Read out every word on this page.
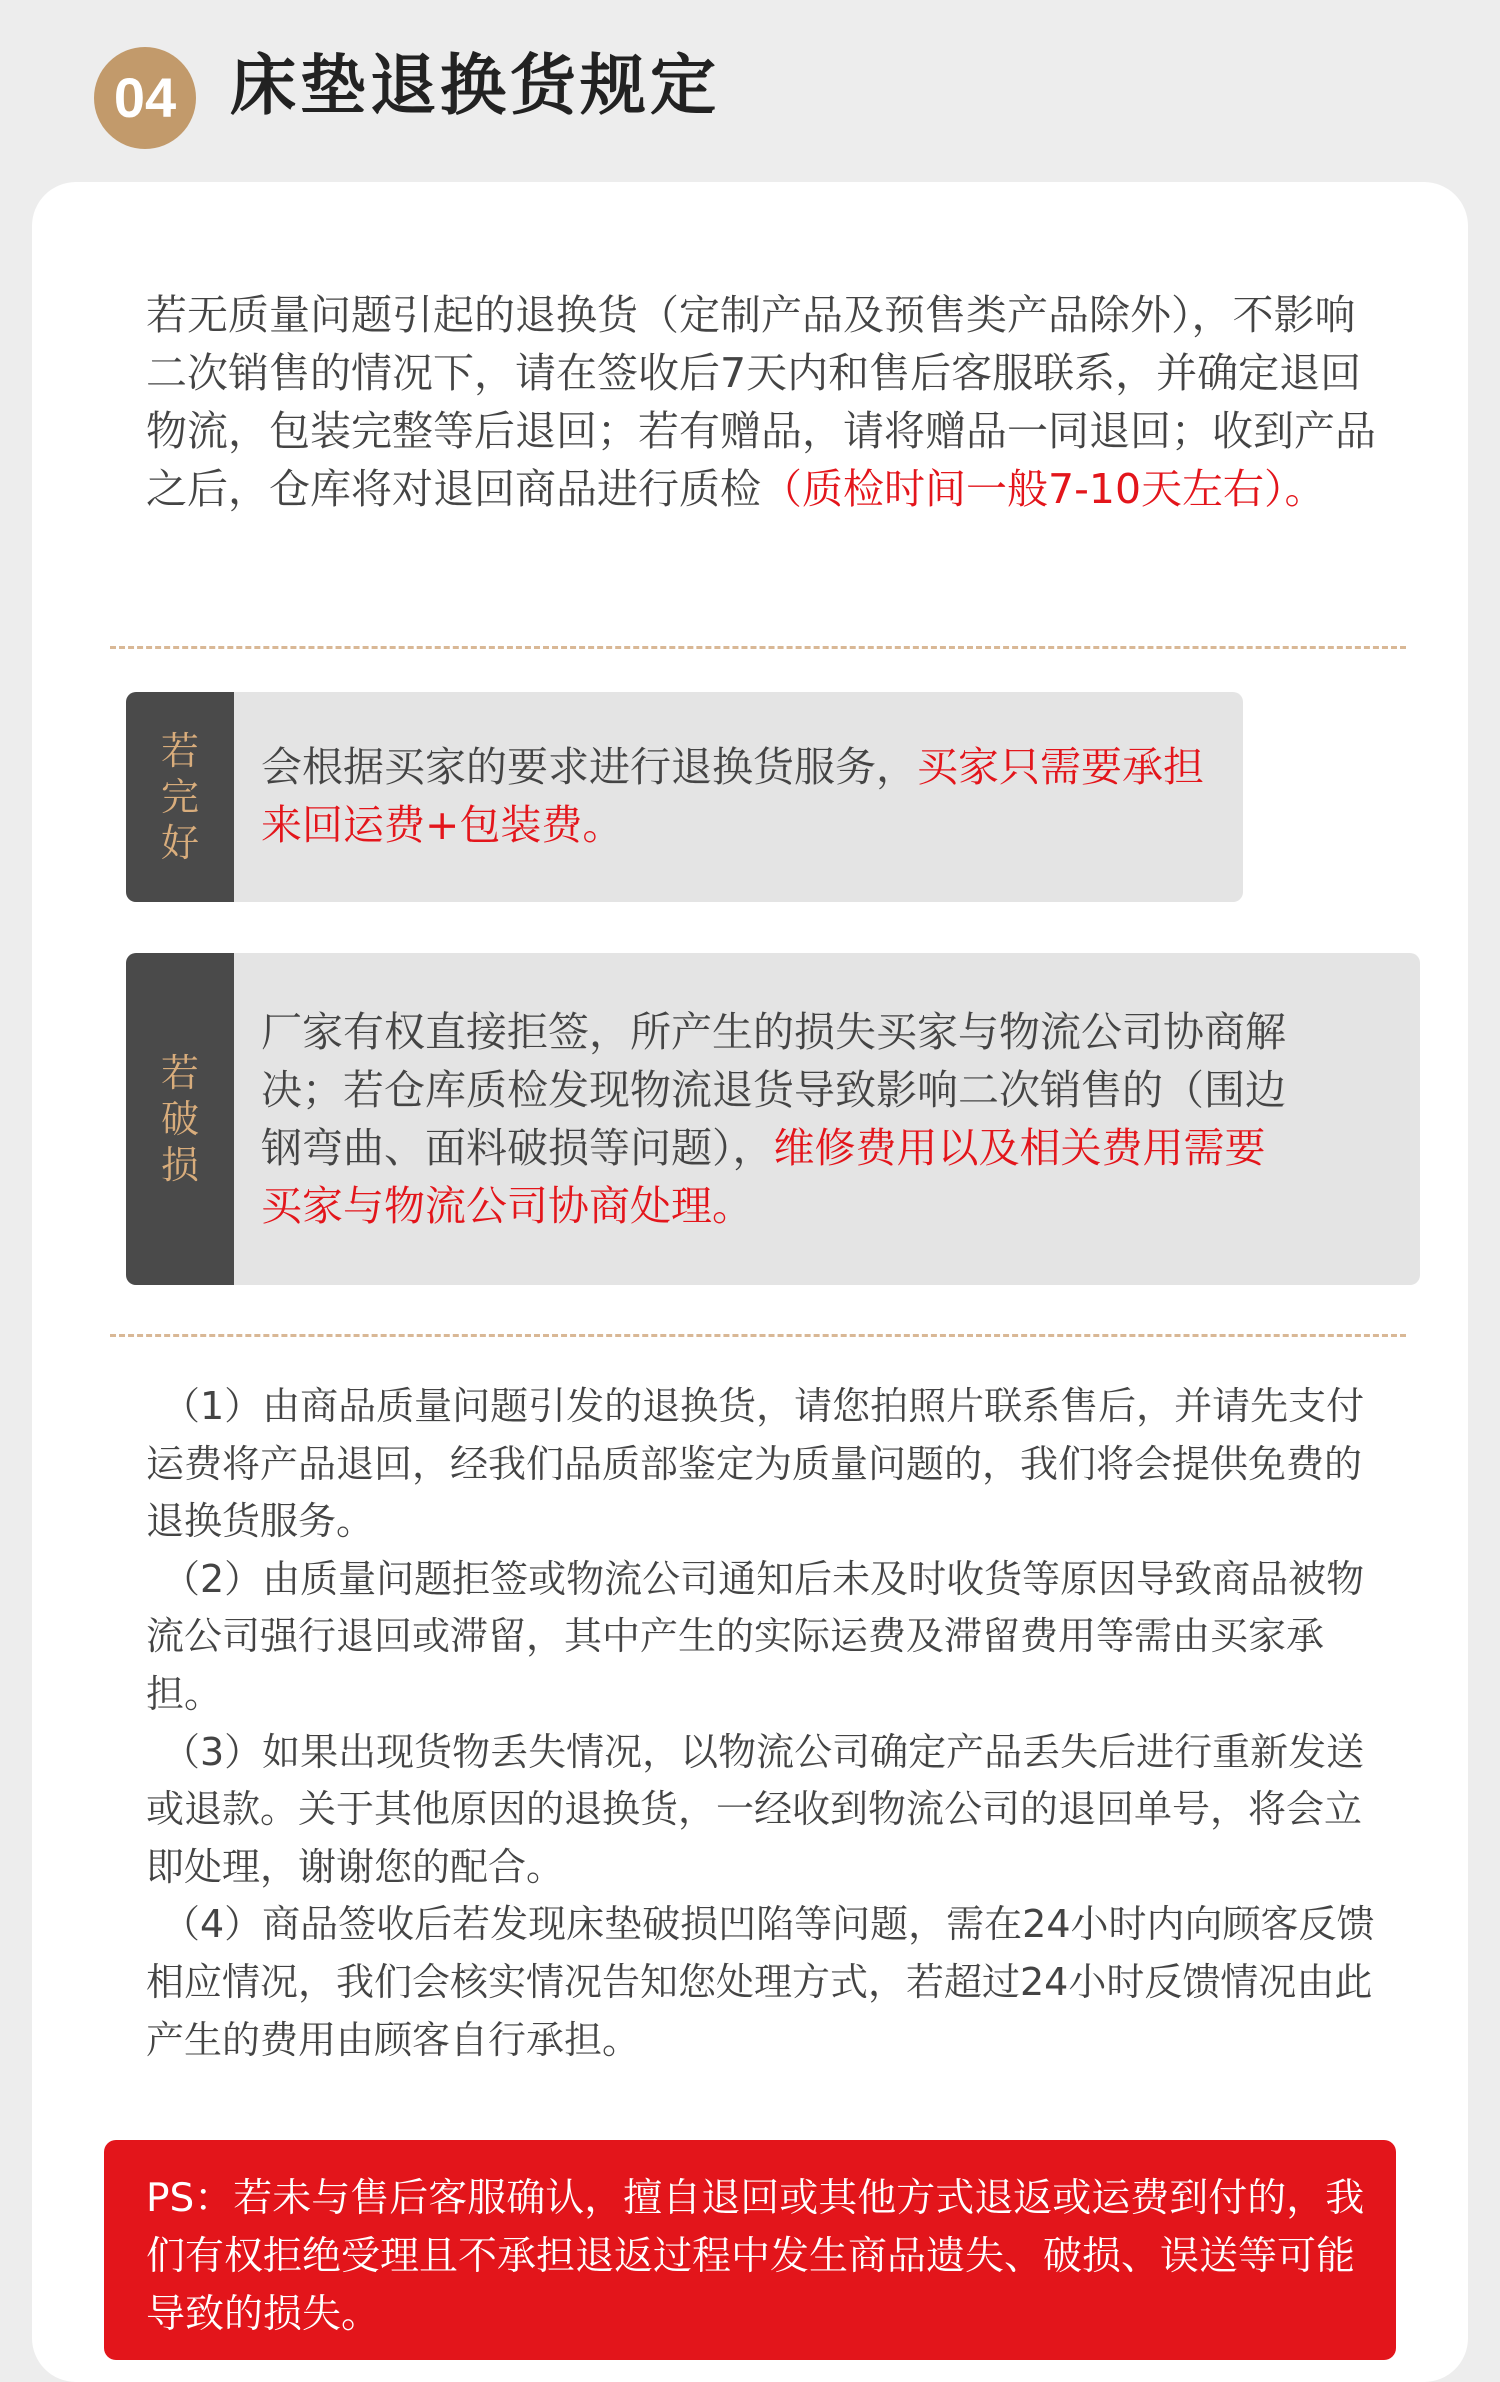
04 床垫退换货规定
若无质量问题引起的退换货（定制产品及预售类产品除外），不影响二次销售的情况下，请在签收后7天内和售后客服联系，并确定退回物流，包装完整等后退回；若有赠品，请将赠品一同退回；收到产品之后，仓库将对退回商品进行质检（质检时间一般7-10天左右）。
若
完
好
会根据买家的要求进行退换货服务，买家只需要承担来回运费+包装费。
若
破
损
厂家有权直接拒签，所产生的损失买家与物流公司协商解决；若仓库质检发现物流退货导致影响二次销售的（围边钢弯曲、面料破损等问题），维修费用以及相关费用需要买家与物流公司协商处理。

（1）由商品质量问题引发的退换货，请您拍照片联系售后，并请先支付运费将产品退回，经我们品质部鉴定为质量问题的，我们将会提供免费的退换货服务。

（2）由质量问题拒签或物流公司通知后未及时收货等原因导致商品被物流公司强行退回或滞留，其中产生的实际运费及滞留费用等需由买家承担。

（3）如果出现货物丢失情况，以物流公司确定产品丢失后进行重新发送或退款。关于其他原因的退换货，一经收到物流公司的退回单号，将会立即处理，谢谢您的配合。

（4）商品签收后若发现床垫破损凹陷等问题，需在24小时内向顾客反馈相应情况，我们会核实情况告知您处理方式，若超过24小时反馈情况由此产生的费用由顾客自行承担。

PS：若未与售后客服确认，擅自退回或其他方式退返或运费到付的，我们有权拒绝受理且不承担退返过程中发生商品遗失、破损、误送等可能导致的损失。
